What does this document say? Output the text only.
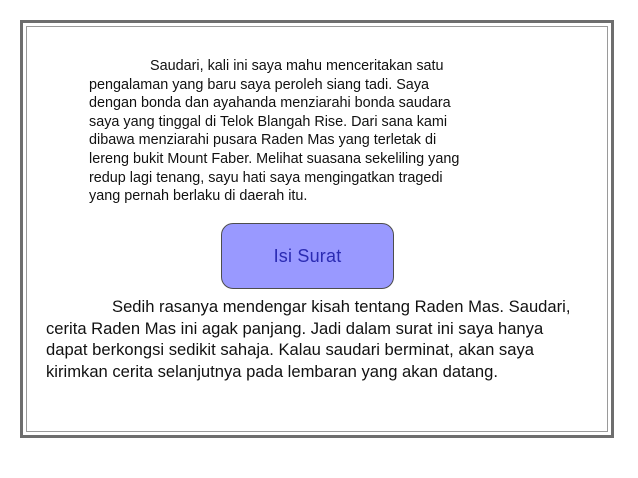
Saudari, kali ini saya mahu menceritakan satu
pengalaman yang baru saya peroleh siang tadi. Saya
dengan bonda dan ayahanda menziarahi bonda saudara
saya yang tinggal di Telok Blangah Rise. Dari sana kami
dibawa menziarahi pusara Raden Mas yang terletak di
lereng bukit Mount Faber. Melihat suasana sekeliling yang
redup lagi tenang, sayu hati saya mengingatkan tragedi
yang pernah berlaku di daerah itu.
Isi Surat
Sedih rasanya mendengar kisah tentang Raden Mas. Saudari,
cerita Raden Mas ini agak panjang. Jadi dalam surat ini saya hanya
dapat berkongsi sedikit sahaja. Kalau saudari berminat, akan saya
kirimkan cerita selanjutnya pada lembaran yang akan datang.
